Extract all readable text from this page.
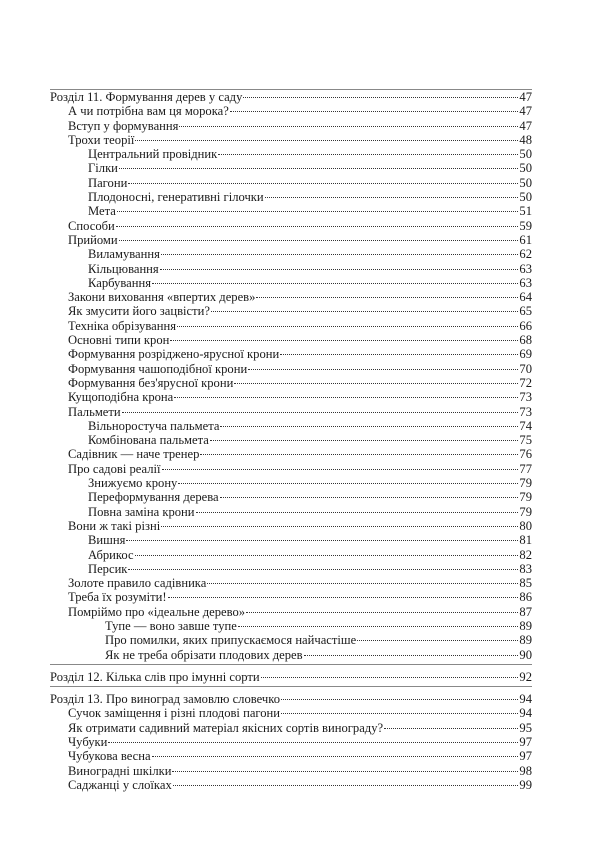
Розділ 11. Формування дерев у саду	47
А чи потрібна вам ця морока?	47
Вступ у формування	47
Трохи теорії	48
Центральний провідник	50
Гілки	50
Пагони	50
Плодоносні, генеративні гілочки	50
Мета	51
Способи	59
Прийоми	61
Виламування	62
Кільцювання	63
Карбування	63
Закони виховання «впертих дерев»	64
Як змусити його зацвісти?	65
Техніка обрізування	66
Основні типи крон	68
Формування розріджено-ярусної крони	69
Формування чашоподібної крони	70
Формування без'ярусної крони	72
Кущоподібна крона	73
Пальмети	73
Вільноростуча пальмета	74
Комбінована пальмета	75
Садівник — наче тренер	76
Про садові реалії	77
Знижуємо крону	79
Переформування дерева	79
Повна заміна крони	79
Вони ж такі різні	80
Вишня	81
Абрикос	82
Персик	83
Золоте правило садівника	85
Треба їх розуміти!	86
Помріймо про «ідеальне дерево»	87
Тупе — воно завше тупе	89
Про помилки, яких припускаємося найчастіше	89
Як не треба обрізати плодових дерев	90
Розділ 12. Кілька слів про імунні сорти	92
Розділ 13. Про виноград замовлю словечко	94
Сучок заміщення і різні плодові пагони	94
Як отримати садивний матеріал якісних сортів винограду?	95
Чубуки	97
Чубукова весна	97
Виноградні шкілки	98
Саджанці у слоїках	99
